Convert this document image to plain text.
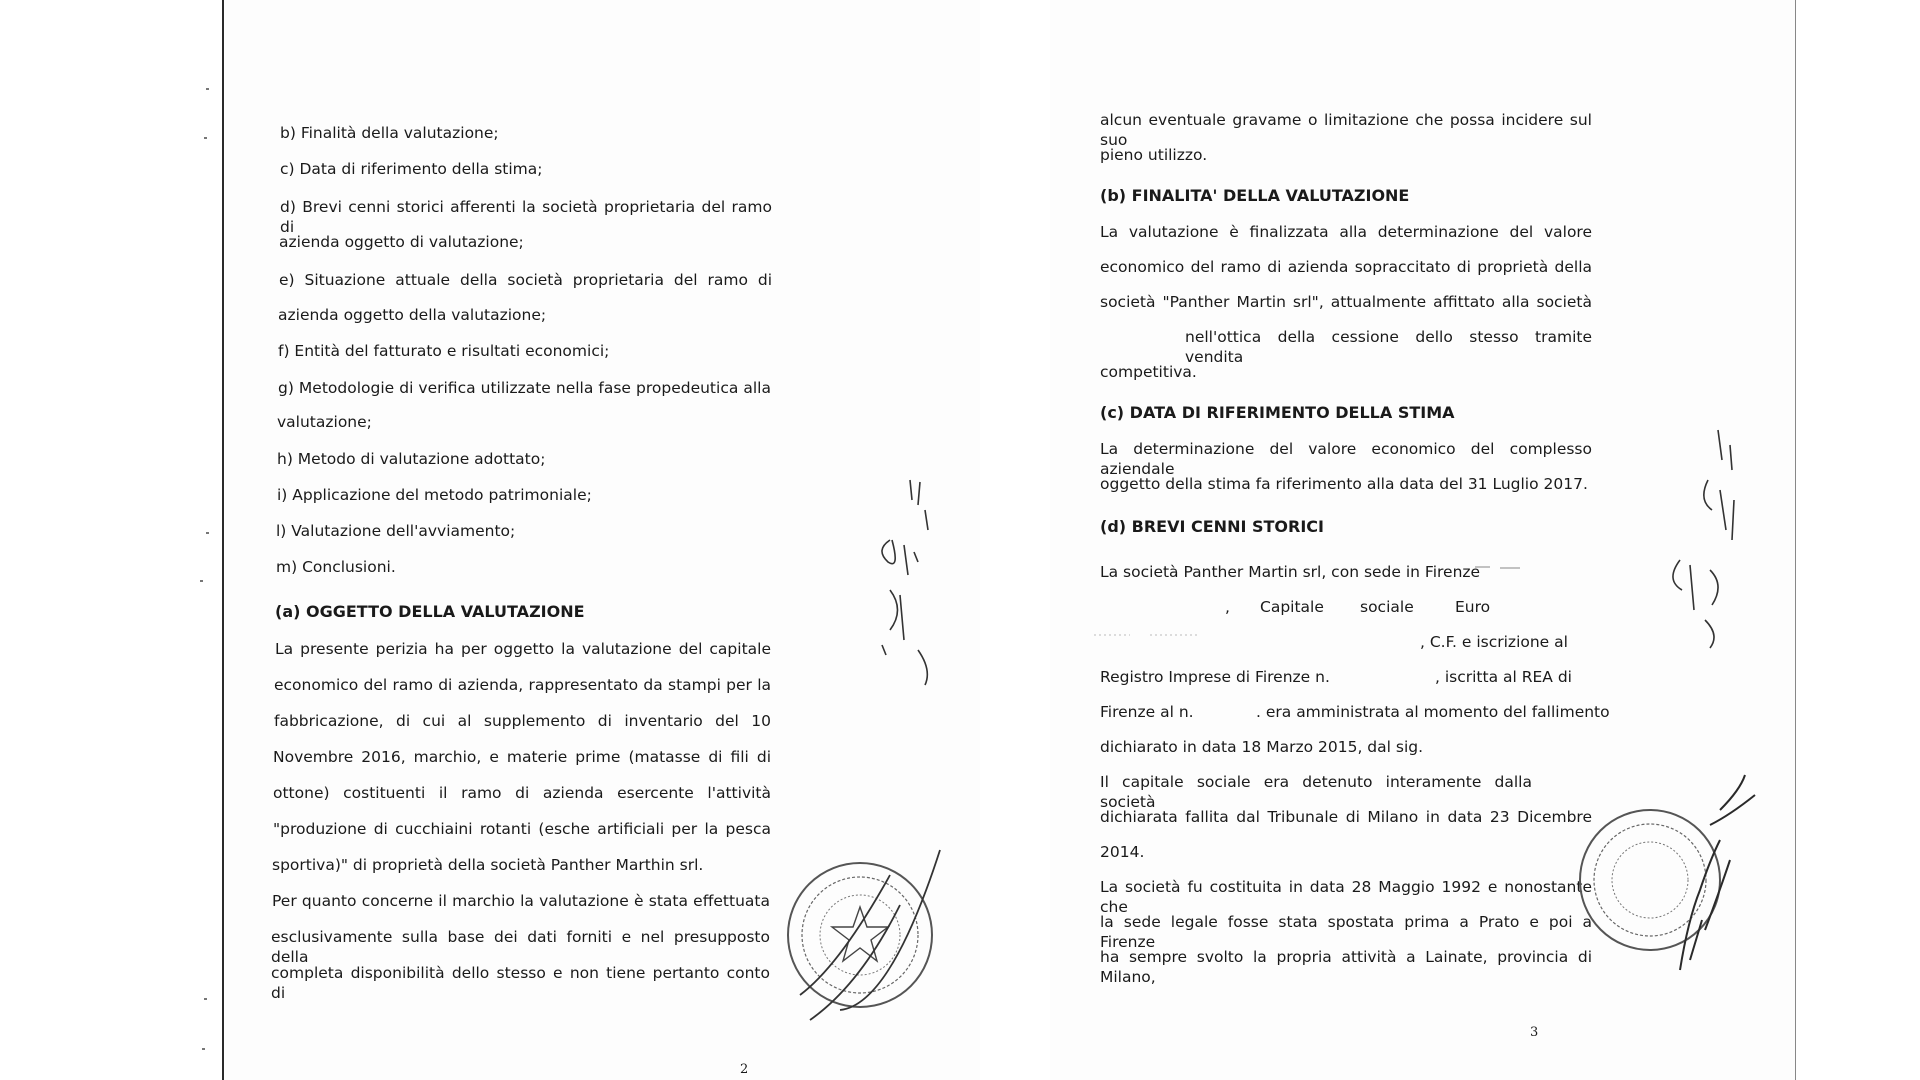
b) Finalità della valutazione;
c) Data di riferimento della stima;
d) Brevi cenni storici afferenti la società proprietaria del ramo di
azienda oggetto di valutazione;
e) Situazione attuale della società proprietaria del ramo di
azienda oggetto della valutazione;
f) Entità del fatturato e risultati economici;
g) Metodologie di verifica utilizzate nella fase propedeutica alla
valutazione;
h) Metodo di valutazione adottato;
i) Applicazione del metodo patrimoniale;
l) Valutazione dell'avviamento;
m) Conclusioni.
(a) OGGETTO DELLA VALUTAZIONE
La presente perizia ha per oggetto la valutazione del capitale
economico del ramo di azienda, rappresentato da stampi per la
fabbricazione, di cui al supplemento di inventario del 10
Novembre 2016, marchio, e materie prime (matasse di fili di
ottone) costituenti il ramo di azienda esercente l'attività
"produzione di cucchiaini rotanti (esche artificiali per la pesca
sportiva)" di proprietà della società Panther Marthin srl.
Per quanto concerne il marchio la valutazione è stata effettuata
esclusivamente sulla base dei dati forniti e nel presupposto della
completa disponibilità dello stesso e non tiene pertanto conto di
2
alcun eventuale gravame o limitazione che possa incidere sul suo
pieno utilizzo.
(b) FINALITA' DELLA VALUTAZIONE
La valutazione è finalizzata alla determinazione del valore
economico del ramo di azienda sopraccitato di proprietà della
società "Panther Martin srl", attualmente affittato alla società
nell'ottica della cessione dello stesso tramite vendita
competitiva.
(c) DATA DI RIFERIMENTO DELLA STIMA
La determinazione del valore economico del complesso aziendale
oggetto della stima fa riferimento alla data del 31 Luglio 2017.
(d) BREVI CENNI STORICI
La società Panther Martin srl, con sede in Firenze
, Capitale sociale	Euro
, C.F. e iscrizione al
Registro Imprese di Firenze n.	, iscritta al REA di
Firenze al n.	. era amministrata al momento del fallimento
dichiarato in data 18 Marzo 2015, dal sig.
Il capitale sociale era detenuto interamente dalla società
dichiarata fallita dal Tribunale di Milano in data 23 Dicembre
2014.
La società fu costituita in data 28 Maggio 1992 e nonostante che
la sede legale fosse stata spostata prima a Prato e poi a Firenze
ha sempre svolto la propria attività a Lainate, provincia di Milano,
3
